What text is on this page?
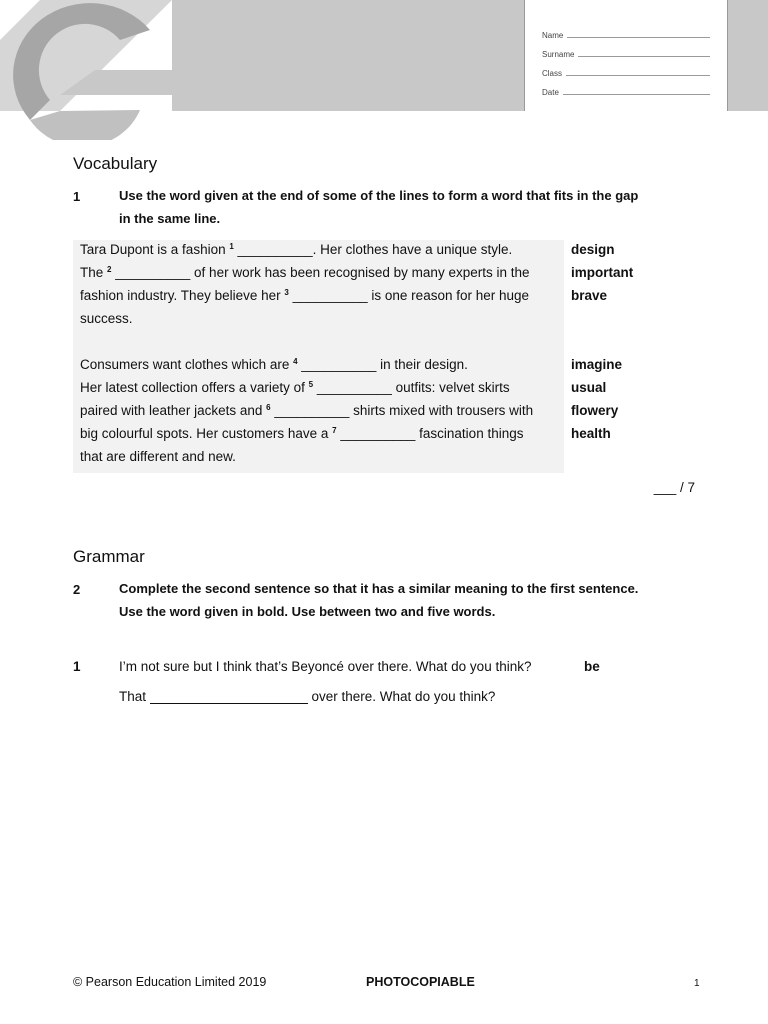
Name
Surname
Class
Date
Vocabulary
1	Use the word given at the end of some of the lines to form a word that fits in the gap
in the same line.
Tara Dupont is a fashion $^1$ __________. Her clothes have a unique style.
The $^2$ __________ of her work has been recognised by many experts in the
fashion industry. They believe her $^3$ __________ is one reason for her huge
success.
Consumers want clothes which are $^4$ __________ in their design.
Her latest collection offers a variety of $^5$ __________ outfits: velvet skirts
paired with leather jackets and $^6$ __________ shirts mixed with trousers with
big colourful spots. Her customers have a $^7$ __________ fascination things
that are different and new.
design
important
brave
imagine
usual
flowery
health
___ / 7
Grammar
2	Complete the second sentence so that it has a similar meaning to the first sentence.
Use the word given in bold. Use between two and five words.
1	I’m not sure but I think that’s Beyoncé over there. What do you think?	be
That	over there. What do you think?
© Pearson Education Limited 2019	PHOTOCOPIABLE	1
